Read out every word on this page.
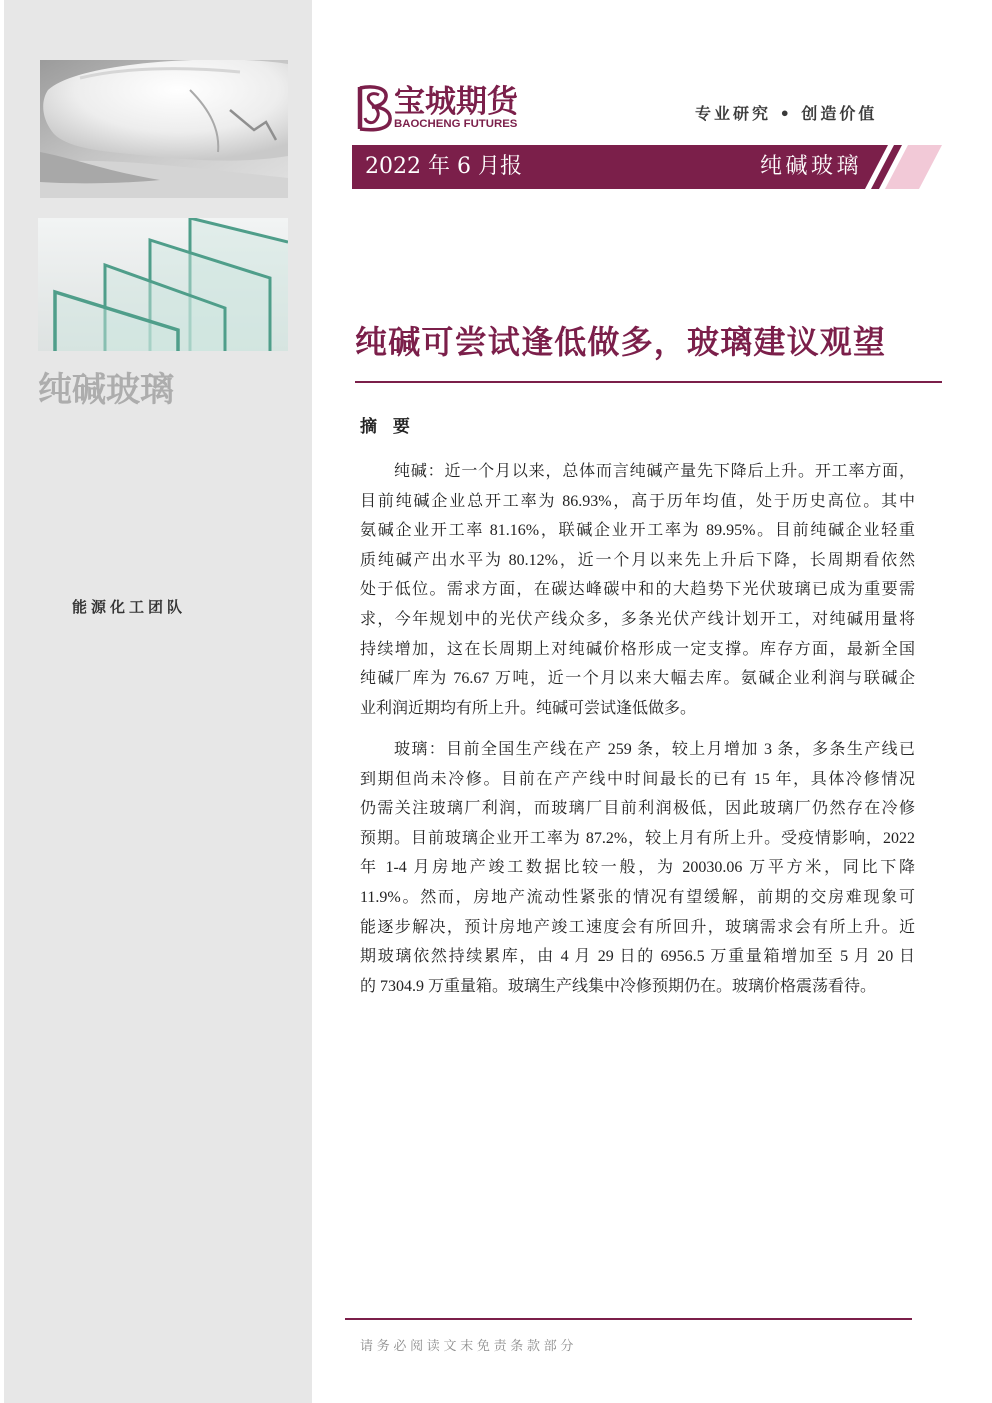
纯碱玻璃
能源化工团队
宝城期货
BAOCHENG FUTURES
专业研究 • 创造价值
2022 年 6 月报	纯碱玻璃
纯碱可尝试逢低做多，玻璃建议观望
摘 要
纯碱：近一个月以来，总体而言纯碱产量先下降后上升。开工率方面，
目前纯碱企业总开工率为 86.93%，高于历年均值，处于历史高位。其中
氨碱企业开工率 81.16%，联碱企业开工率为 89.95%。目前纯碱企业轻重
质纯碱产出水平为 80.12%，近一个月以来先上升后下降，长周期看依然
处于低位。需求方面，在碳达峰碳中和的大趋势下光伏玻璃已成为重要需
求，今年规划中的光伏产线众多，多条光伏产线计划开工，对纯碱用量将
持续增加，这在长周期上对纯碱价格形成一定支撑。库存方面，最新全国
纯碱厂库为 76.67 万吨，近一个月以来大幅去库。氨碱企业利润与联碱企
业利润近期均有所上升。纯碱可尝试逢低做多。
玻璃：目前全国生产线在产 259 条，较上月增加 3 条，多条生产线已
到期但尚未冷修。目前在产产线中时间最长的已有 15 年，具体冷修情况
仍需关注玻璃厂利润，而玻璃厂目前利润极低，因此玻璃厂仍然存在冷修
预期。目前玻璃企业开工率为 87.2%，较上月有所上升。受疫情影响，2022
年 1-4 月房地产竣工数据比较一般，为 20030.06 万平方米，同比下降
11.9%。然而，房地产流动性紧张的情况有望缓解，前期的交房难现象可
能逐步解决，预计房地产竣工速度会有所回升，玻璃需求会有所上升。近
期玻璃依然持续累库，由 4 月 29 日的 6956.5 万重量箱增加至 5 月 20 日
的 7304.9 万重量箱。玻璃生产线集中冷修预期仍在。玻璃价格震荡看待。
请务必阅读文末免责条款部分
